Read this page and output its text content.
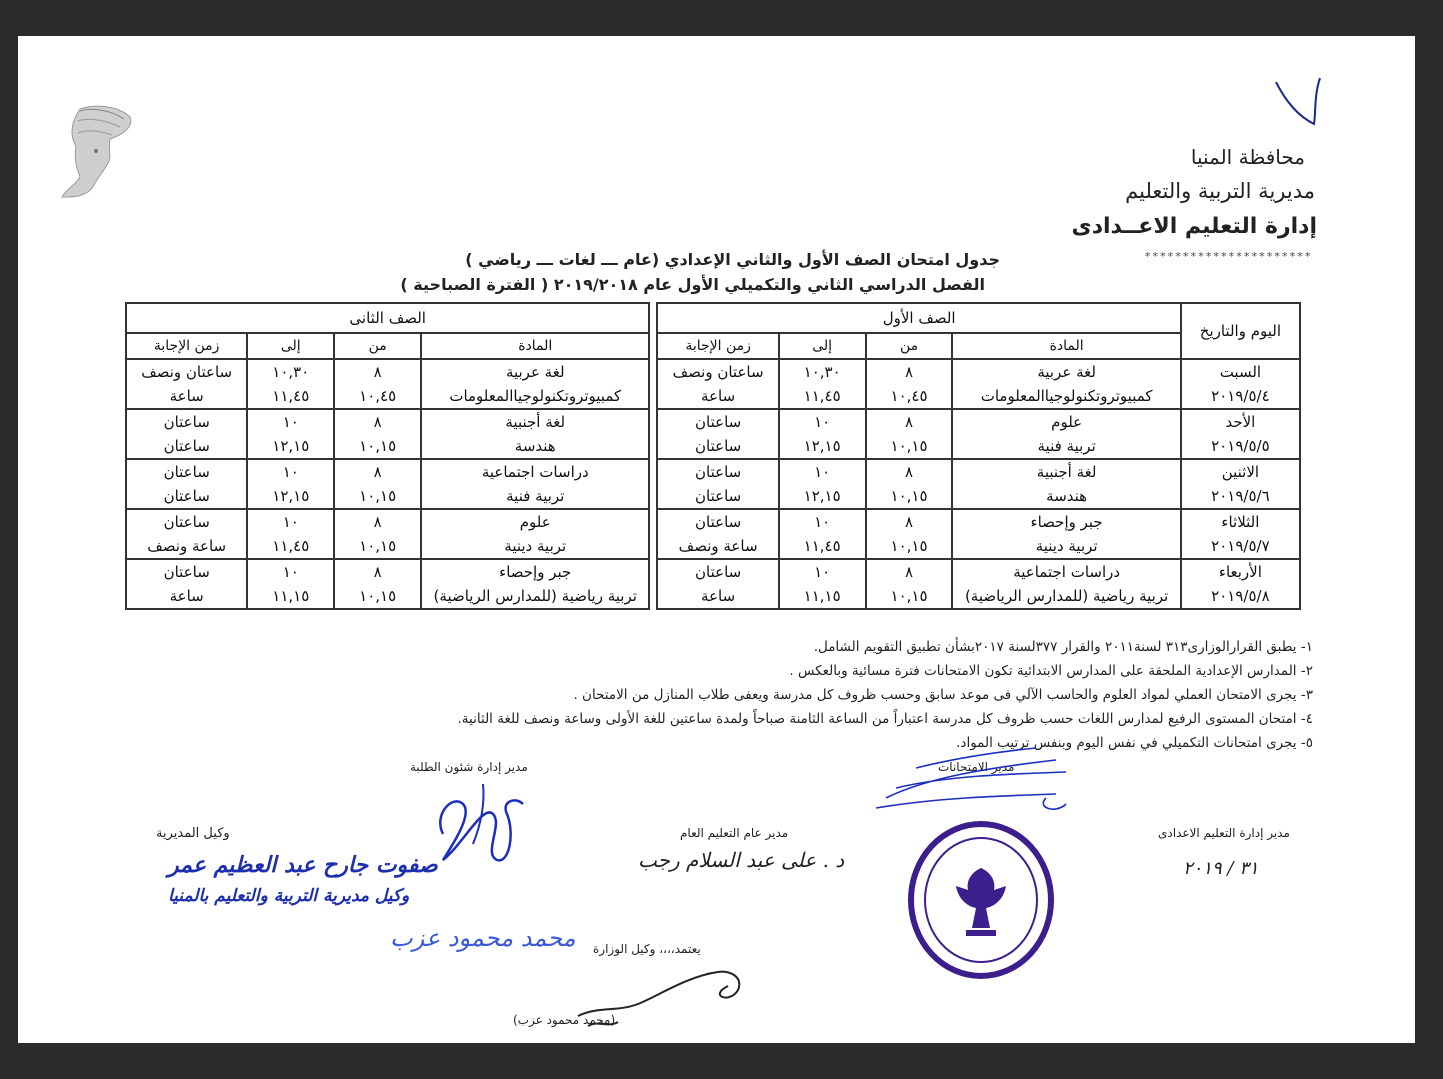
محافظة المنيا
مديرية التربية والتعليم
إدارة التعليم الاعــدادى
**********************
جدول امتحان الصف الأول والثاني الإعدادي (عام ـــ لغات ـــ رياضي )
الفصل الدراسي الثاني والتكميلي الأول عام ٢٠١٩/٢٠١٨ ( الفترة الصباحية )
اليوم والتاريخ	الصف الأول					الصف الثانى			
	المادة	من	إلى	زمن الإجابة		المادة	من	إلى	زمن الإجابة

السبت
٢٠١٩/٥/٤	لغة عربية	٨	١٠,٣٠	ساعتان ونصف		لغة عربية	٨	١٠,٣٠	ساعتان ونصف
	كمبيوتروتكنولوجياالمعلومات	١٠,٤٥	١١,٤٥	ساعة		كمبيوتروتكنولوجياالمعلومات	١٠,٤٥	١١,٤٥	ساعة

الأحد
٢٠١٩/٥/٥	علوم	٨	١٠	ساعتان		لغة أجنبية	٨	١٠	ساعتان
	تربية فنية	١٠,١٥	١٢,١٥	ساعتان		هندسة	١٠,١٥	١٢,١٥	ساعتان

الاثنين
٢٠١٩/٥/٦	لغة أجنبية	٨	١٠	ساعتان		دراسات اجتماعية	٨	١٠	ساعتان
	هندسة	١٠,١٥	١٢,١٥	ساعتان		تربية فنية	١٠,١٥	١٢,١٥	ساعتان

الثلاثاء
٢٠١٩/٥/٧	جبر وإحصاء	٨	١٠	ساعتان		علوم	٨	١٠	ساعتان
	تربية دينية	١٠,١٥	١١,٤٥	ساعة ونصف		تربية دينية	١٠,١٥	١١,٤٥	ساعة ونصف

الأربعاء
٢٠١٩/٥/٨	دراسات اجتماعية	٨	١٠	ساعتان		جبر وإحصاء	٨	١٠	ساعتان
	تربية رياضية (للمدارس الرياضية)	١٠,١٥	١١,١٥	ساعة		تربية رياضية (للمدارس الرياضية)	١٠,١٥	١١,١٥	ساعة
١- يطبق القرارالوزارى٣١٣ لسنة٢٠١١ والقرار ٣٧٧لسنة ٢٠١٧بشأن تطبيق التقويم الشامل.
٢- المدارس الإعدادية الملحقة على المدارس الابتدائية تكون الامتحانات فترة مسائية وبالعكس .
٣- يجرى الامتحان العملي لمواد العلوم والحاسب الآلي فى موعد سابق وحسب ظروف كل مدرسة ويعفى طلاب المنازل من الامتحان .
٤- امتحان المستوى الرفيع لمدارس اللغات حسب ظروف كل مدرسة اعتباراً من الساعة الثامنة صباحاً ولمدة ساعتين للغة الأولى وساعة ونصف للغة الثانية.
٥- يجرى امتحانات التكميلي في نفس اليوم وبنفس ترتيب المواد.
مدير إدارة شئون الطلبة	مدير الامتحانات
وكيل المديرية	مدير عام التعليم العام	مدير إدارة التعليم الاعدادى
يعتمد،،،، وكيل الوزارة
(محمد محمود عزب)
د . على عبد السلام رجب
صفوت جارح عبد العظيم عمر
وكيل مديرية التربية والتعليم بالمنيا
محمد محمود عزب
٣١ / ٢٠١٩
